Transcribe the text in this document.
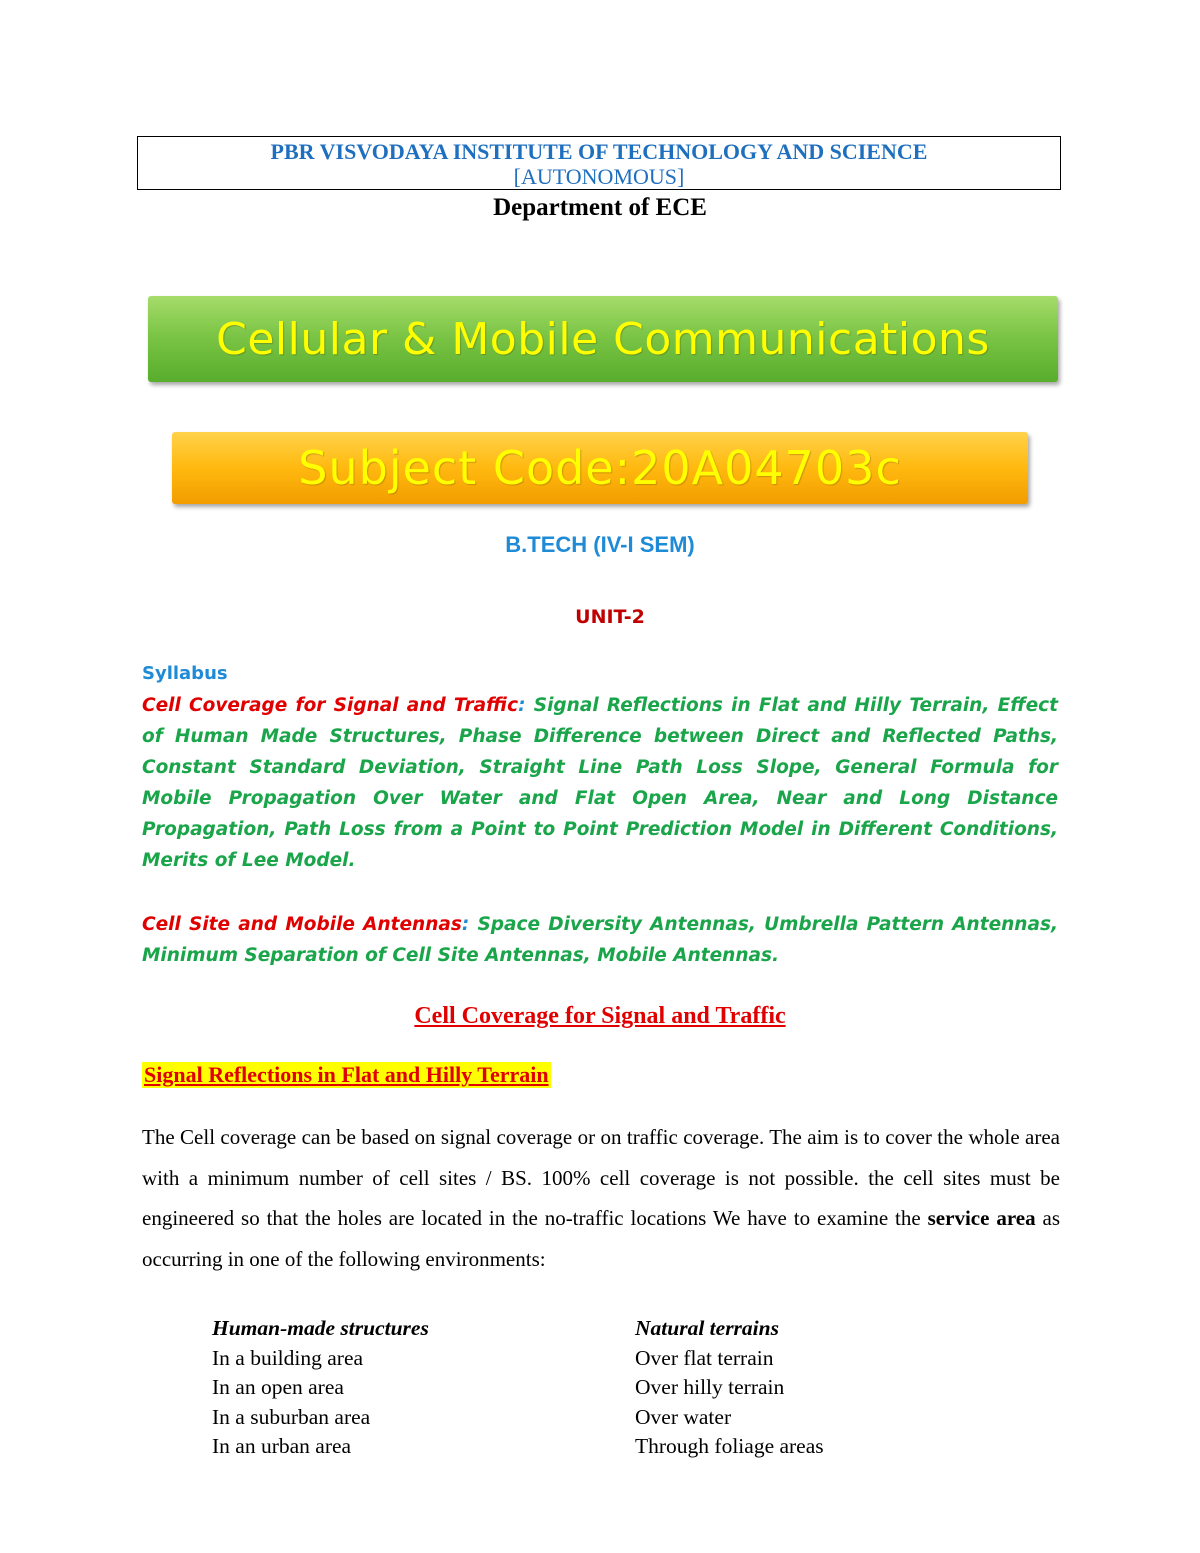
PBR VISVODAYA INSTITUTE OF TECHNOLOGY AND SCIENCE
[AUTONOMOUS]
Department of ECE
Cellular & Mobile Communications
Subject Code:20A04703c
B.TECH (IV-I SEM)
UNIT-2
Syllabus
Cell Coverage for Signal and Traffic: Signal Reflections in Flat and Hilly Terrain, Effect of Human Made Structures, Phase Difference between Direct and Reflected Paths, Constant Standard Deviation, Straight Line Path Loss Slope, General Formula for Mobile Propagation Over Water and Flat Open Area, Near and Long Distance Propagation, Path Loss from a Point to Point Prediction Model in Different Conditions, Merits of Lee Model.
Cell Site and Mobile Antennas: Space Diversity Antennas, Umbrella Pattern Antennas, Minimum Separation of Cell Site Antennas, Mobile Antennas.
Cell Coverage for Signal and Traffic
Signal Reflections in Flat and Hilly Terrain
The Cell coverage can be based on signal coverage or on traffic coverage. The aim is to cover the whole area with a minimum number of cell sites / BS. 100% cell coverage is not possible. the cell sites must be engineered so that the holes are located in the no-traffic locations We have to examine the service area as occurring in one of the following environments:
Human-made structures
In a building area
In an open area
In a suburban area
In an urban area
Natural terrains
Over flat terrain
Over hilly terrain
Over water
Through foliage areas
